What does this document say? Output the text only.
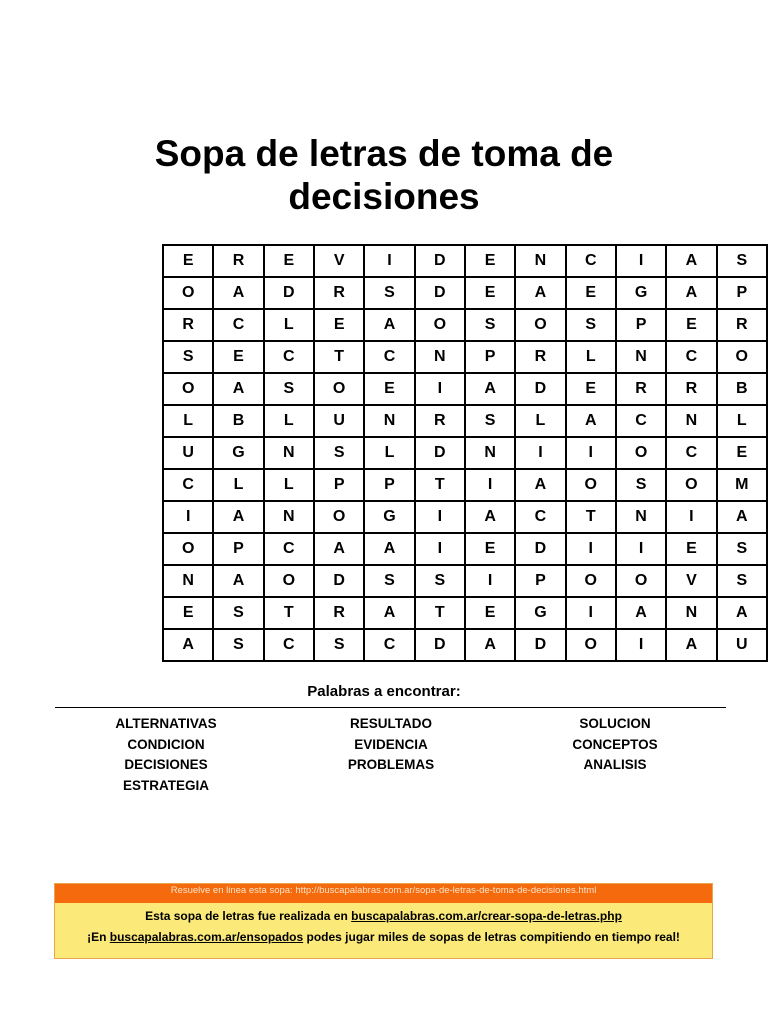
Sopa de letras de toma de
decisiones
E	R	E	V	I	D	E	N	C	I	A	S
O	A	D	R	S	D	E	A	E	G	A	P
R	C	L	E	A	O	S	O	S	P	E	R
S	E	C	T	C	N	P	R	L	N	C	O
O	A	S	O	E	I	A	D	E	R	R	B
L	B	L	U	N	R	S	L	A	C	N	L
U	G	N	S	L	D	N	I	I	O	C	E
C	L	L	P	P	T	I	A	O	S	O	M
I	A	N	O	G	I	A	C	T	N	I	A
O	P	C	A	A	I	E	D	I	I	E	S
N	A	O	D	S	S	I	P	O	O	V	S
E	S	T	R	A	T	E	G	I	A	N	A
A	S	C	S	C	D	A	D	O	I	A	U
Palabras a encontrar:
ALTERNATIVAS
CONDICION
DECISIONES
ESTRATEGIA
RESULTADO
EVIDENCIA
PROBLEMAS
SOLUCION
CONCEPTOS
ANALISIS
Resuelve en linea esta sopa: http://buscapalabras.com.ar/sopa-de-letras-de-toma-de-decisiones.html
Esta sopa de letras fue realizada en buscapalabras.com.ar/crear-sopa-de-letras.php
¡En buscapalabras.com.ar/ensopados podes jugar miles de sopas de letras compitiendo en tiempo real!
